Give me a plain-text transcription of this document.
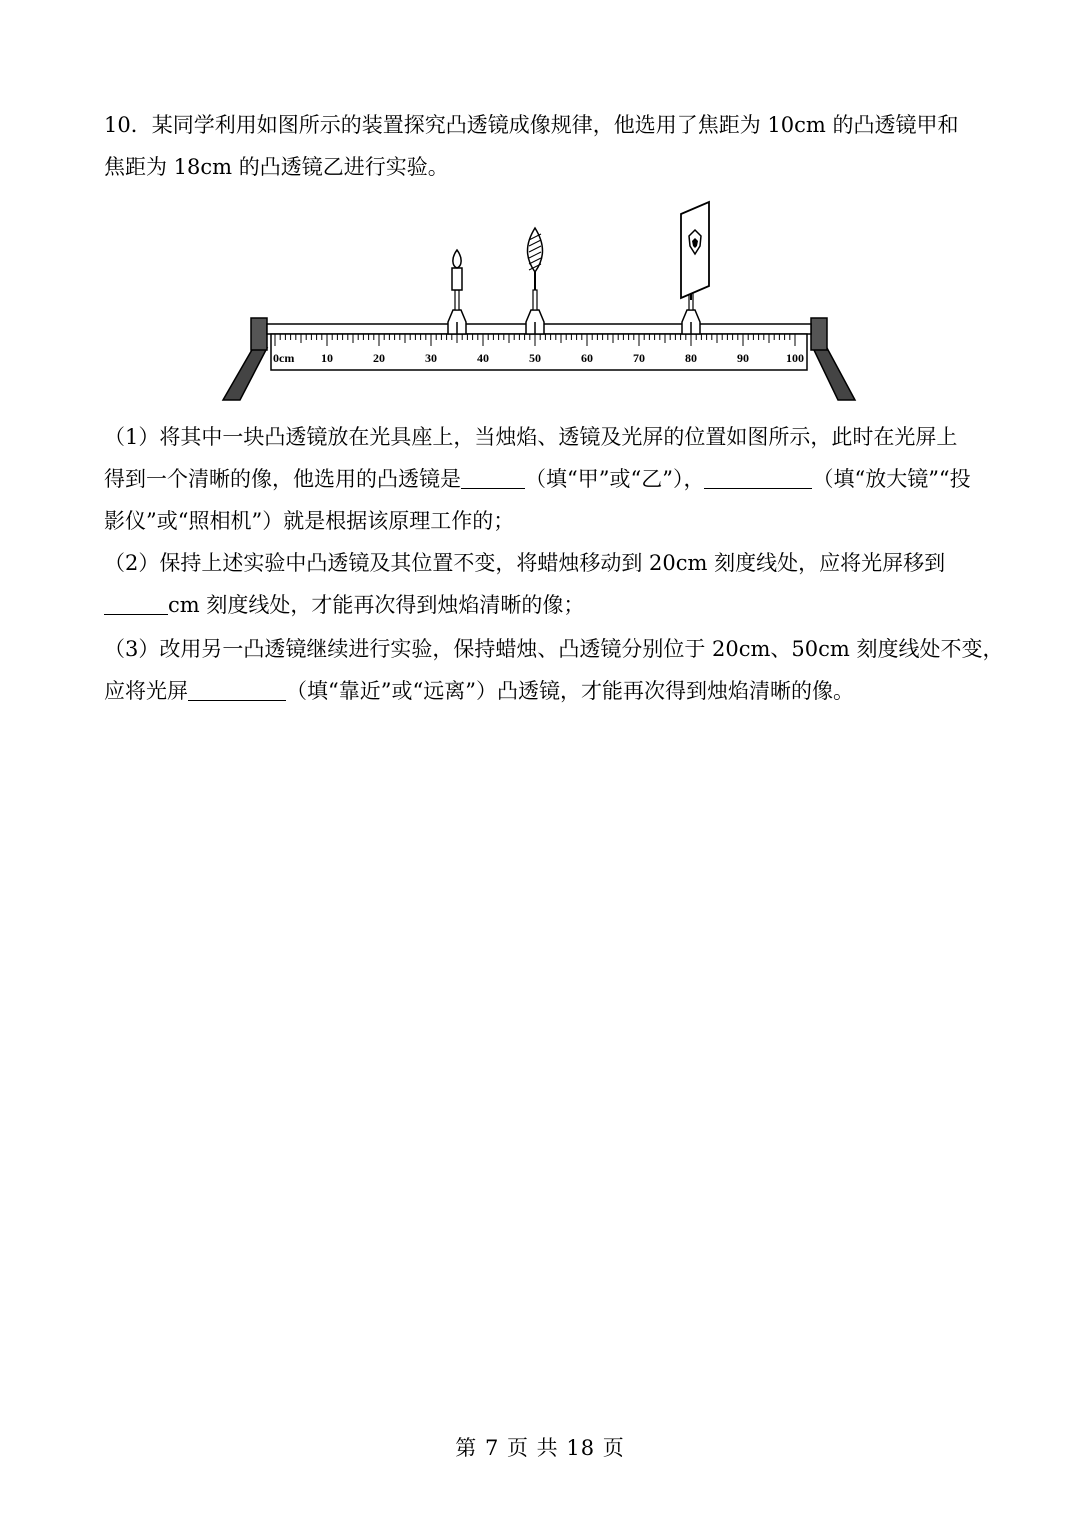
10．某同学利用如图所示的装置探究凸透镜成像规律，他选用了焦距为 10cm 的凸透镜甲和
焦距为 18cm 的凸透镜乙进行实验。
0cm 10	20	30	40	50	60	70	80	90	100
（1）将其中一块凸透镜放在光具座上，当烛焰、透镜及光屏的位置如图所示，此时在光屏上
得到一个清晰的像，他选用的凸透镜是	（填“甲”或“乙”），	（填“放大镜”“投
影仪”或“照相机”）就是根据该原理工作的；
（2）保持上述实验中凸透镜及其位置不变，将蜡烛移动到 20cm 刻度线处，应将光屏移到
cm 刻度线处，才能再次得到烛焰清晰的像；
（3）改用另一凸透镜继续进行实验，保持蜡烛、凸透镜分别位于 20cm、50cm 刻度线处不变，
应将光屏	（填“靠近”或“远离”）凸透镜，才能再次得到烛焰清晰的像。
第 7 页 共 18 页
